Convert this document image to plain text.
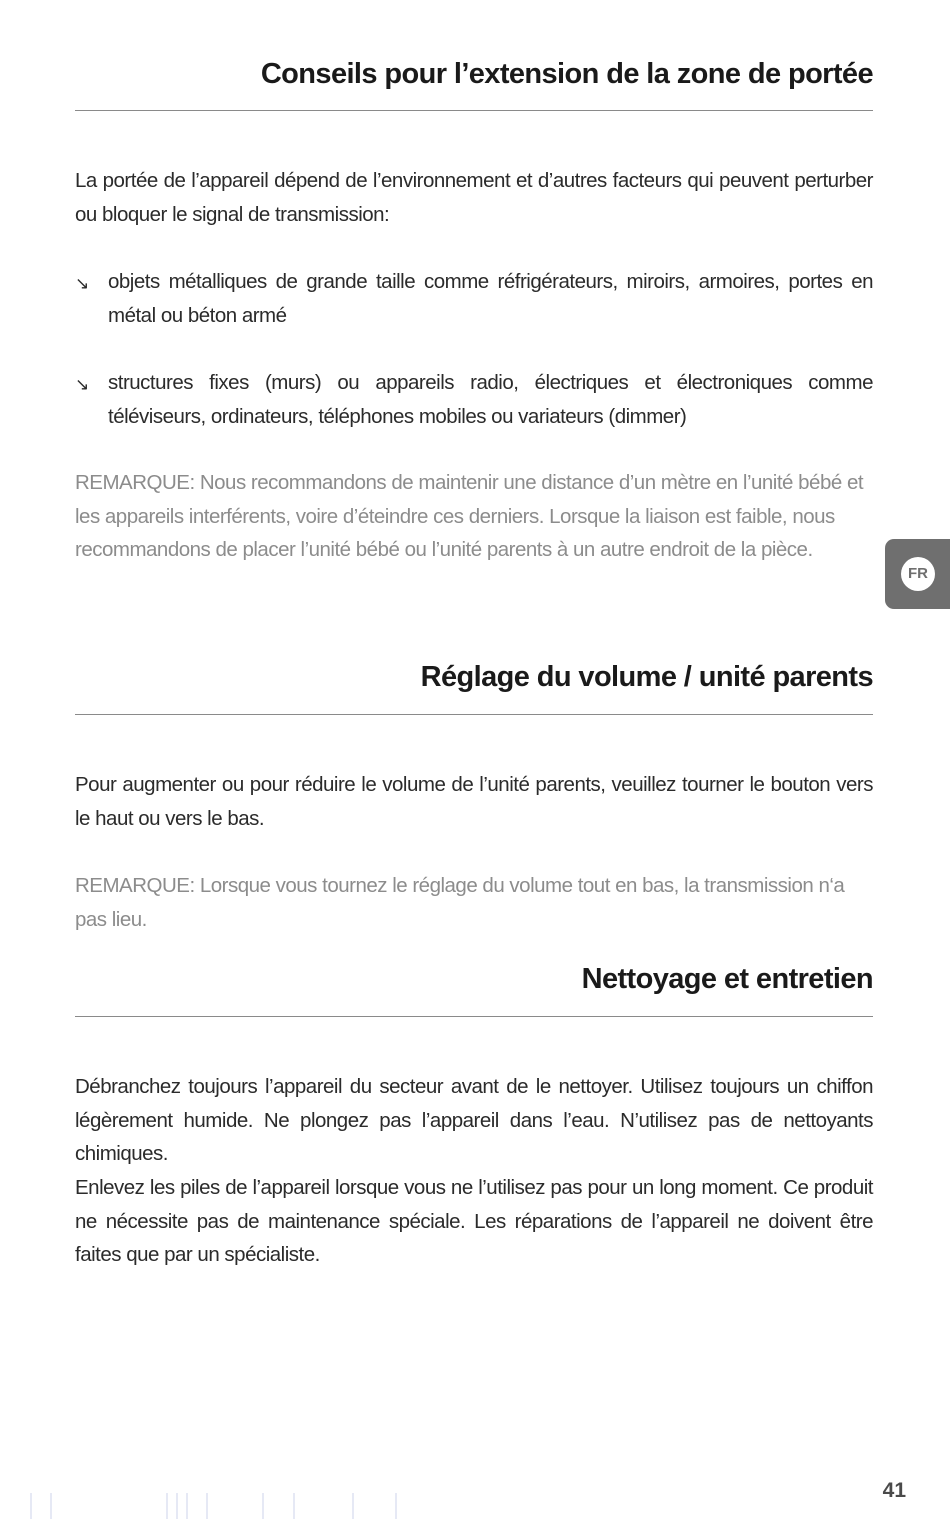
Conseils pour l’extension de la zone de portée

La portée de l’appareil dépend de l’environnement et d’autres facteurs qui peuvent perturber ou bloquer le signal de transmission:

↘ objets métalliques de grande taille comme réfrigérateurs, miroirs, armoires, portes en métal ou béton armé

↘ structures fixes (murs) ou appareils radio, électriques et électroniques comme téléviseurs, ordinateurs, téléphones mobiles ou variateurs (dimmer)

REMARQUE: Nous recommandons de maintenir une distance d’un mètre en l’unité bébé et les appareils interférents, voire d’éteindre ces derniers. Lorsque la liaison est faible, nous recommandons de placer l’unité bébé ou l’unité parents à un autre endroit de la pièce.

Réglage du volume / unité parents

Pour augmenter ou pour réduire le volume de l’unité parents, veuillez tourner le bouton vers le haut ou vers le bas.

REMARQUE: Lorsque vous tournez le réglage du volume tout en bas, la transmission n‘a pas lieu.

Nettoyage et entretien

Débranchez toujours l’appareil du secteur avant de le nettoyer. Utilisez toujours un chiffon légèrement humide. Ne plongez pas l’appareil dans l’eau. N’utilisez pas de nettoyants chimiques.

Enlevez les piles de l’appareil lorsque vous ne l’utilisez pas pour un long moment. Ce produit ne nécessite pas de maintenance spéciale. Les réparations de l’appareil ne doivent être faites que par un spécialiste.

FR
41
